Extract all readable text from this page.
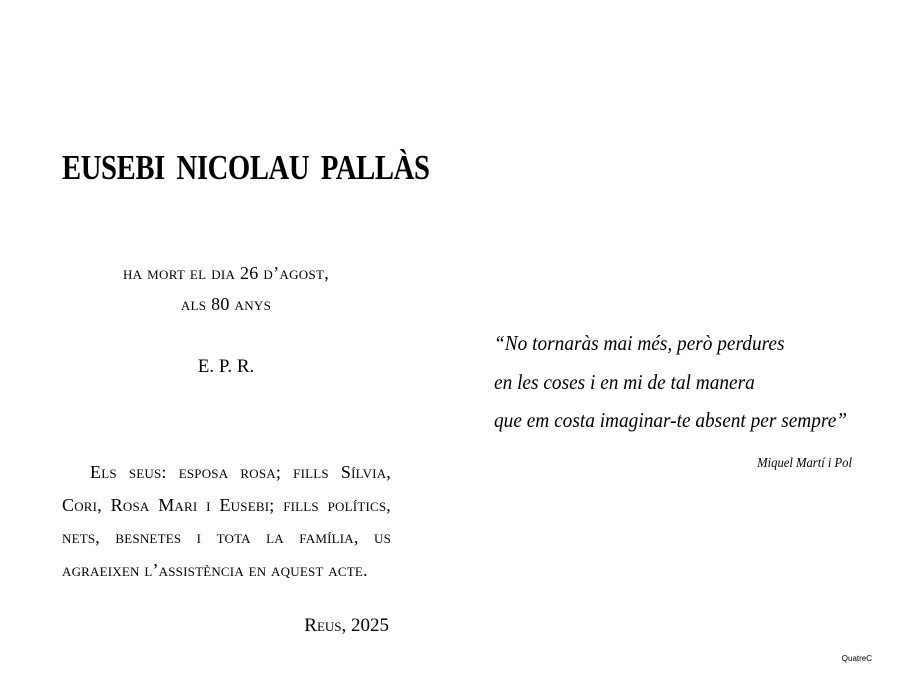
EUSEBI NICOLAU PALLÀS
ha mort el dia 26 d’agost,
als 80 anys
E. P. R.
Els seus: esposa rosa; fills Sílvia, Cori, Rosa Mari i Eusebi; fills polítics, nets, besnetes i tota la família, us agraeixen l’assistència en aquest acte.
Reus, 2025
“No tornaràs mai més, però perdures
en les coses i en mi de tal manera
que em costa imaginar-te absent per sempre”
Miquel Martí i Pol
QuatreC
